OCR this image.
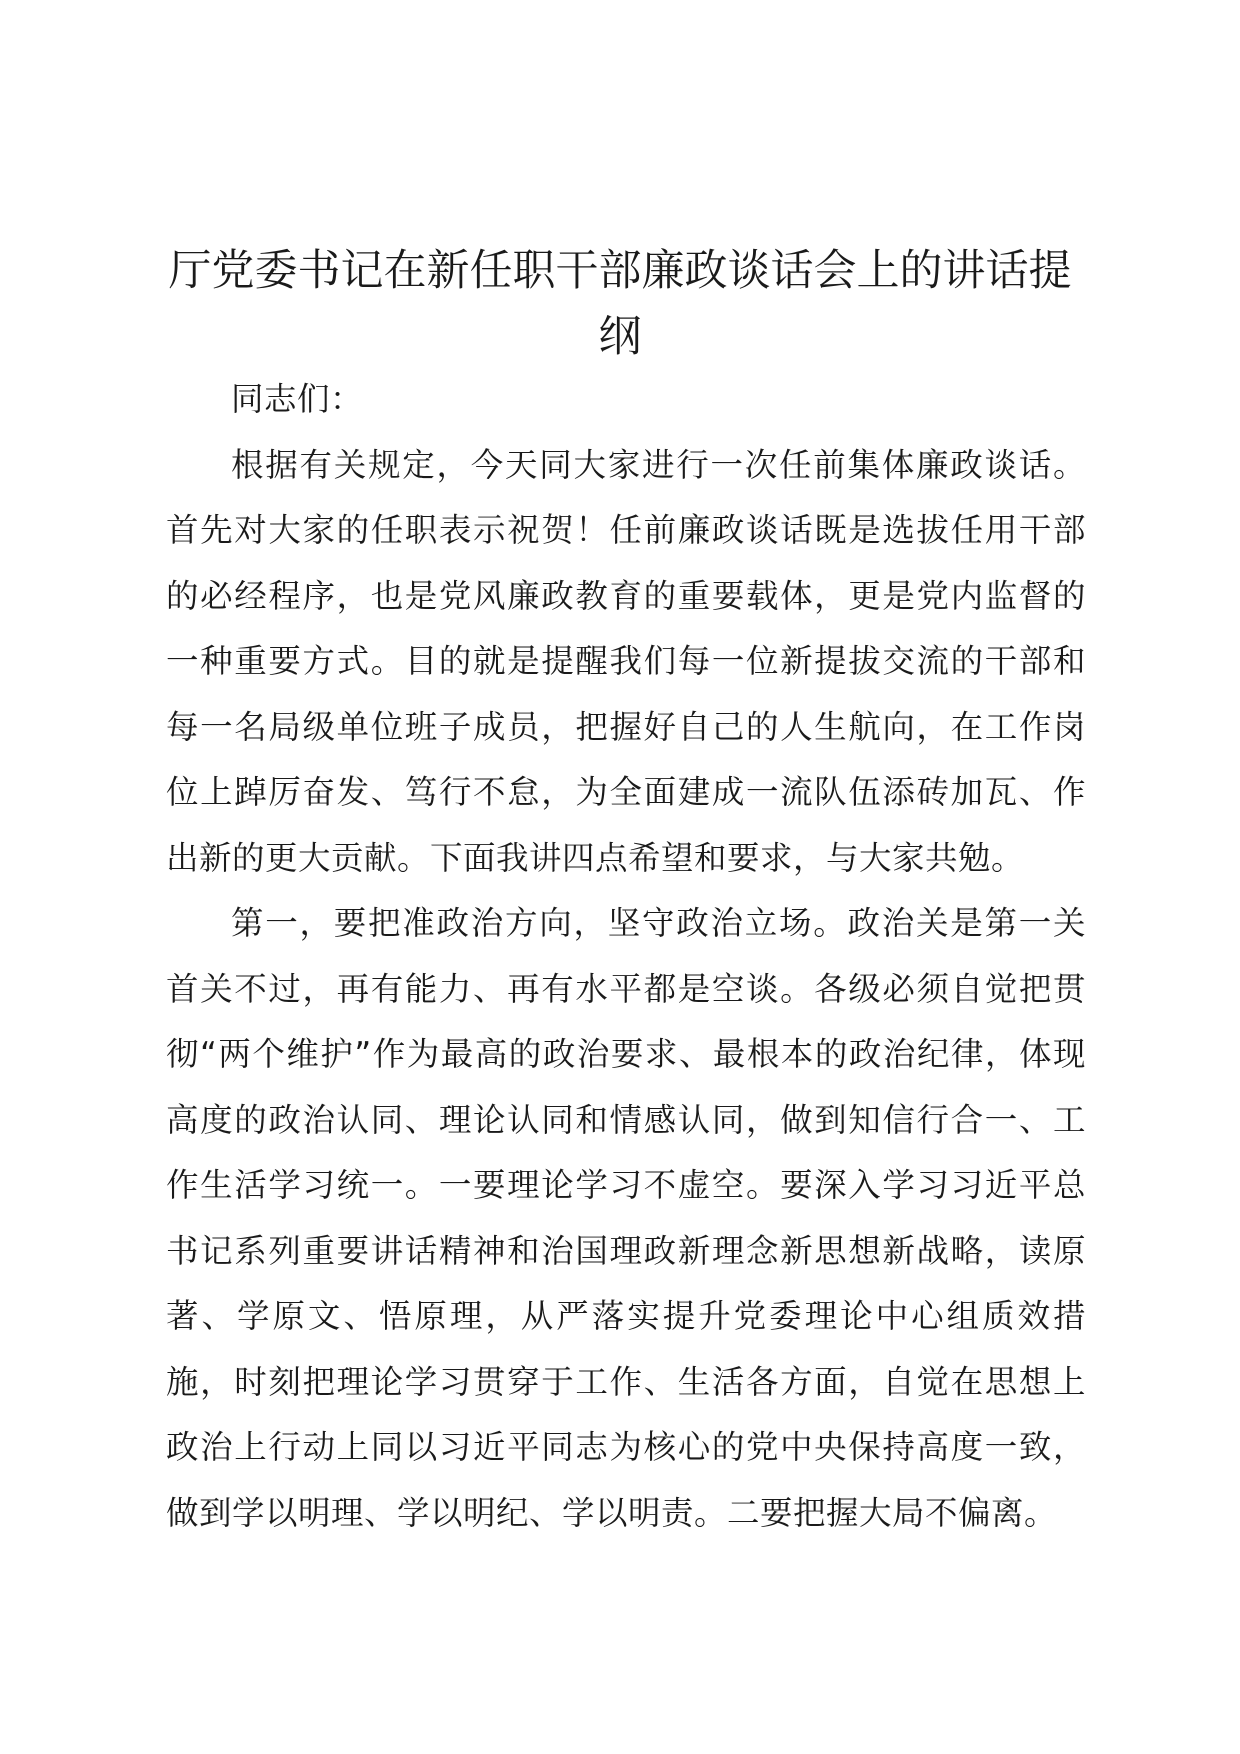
厅党委书记在新任职干部廉政谈话会上的讲话提纲

同志们：

根据有关规定，今天同大家进行一次任前集体廉政谈话。首先对大家的任职表示祝贺！任前廉政谈话既是选拔任用干部的必经程序，也是党风廉政教育的重要载体，更是党内监督的一种重要方式。目的就是提醒我们每一位新提拔交流的干部和每一名局级单位班子成员，把握好自己的人生航向，在工作岗位上踔厉奋发、笃行不怠，为全面建成一流队伍添砖加瓦、作出新的更大贡献。下面我讲四点希望和要求，与大家共勉。

第一，要把准政治方向，坚守政治立场。政治关是第一关首关不过，再有能力、再有水平都是空谈。各级必须自觉把贯彻“两个维护”作为最高的政治要求、最根本的政治纪律，体现高度的政治认同、理论认同和情感认同，做到知信行合一、工作生活学习统一。一要理论学习不虚空。要深入学习习近平总书记系列重要讲话精神和治国理政新理念新思想新战略，读原著、学原文、悟原理，从严落实提升党委理论中心组质效措施，时刻把理论学习贯穿于工作、生活各方面，自觉在思想上政治上行动上同以习近平同志为核心的党中央保持高度一致，做到学以明理、学以明纪、学以明责。二要把握大局不偏离。
